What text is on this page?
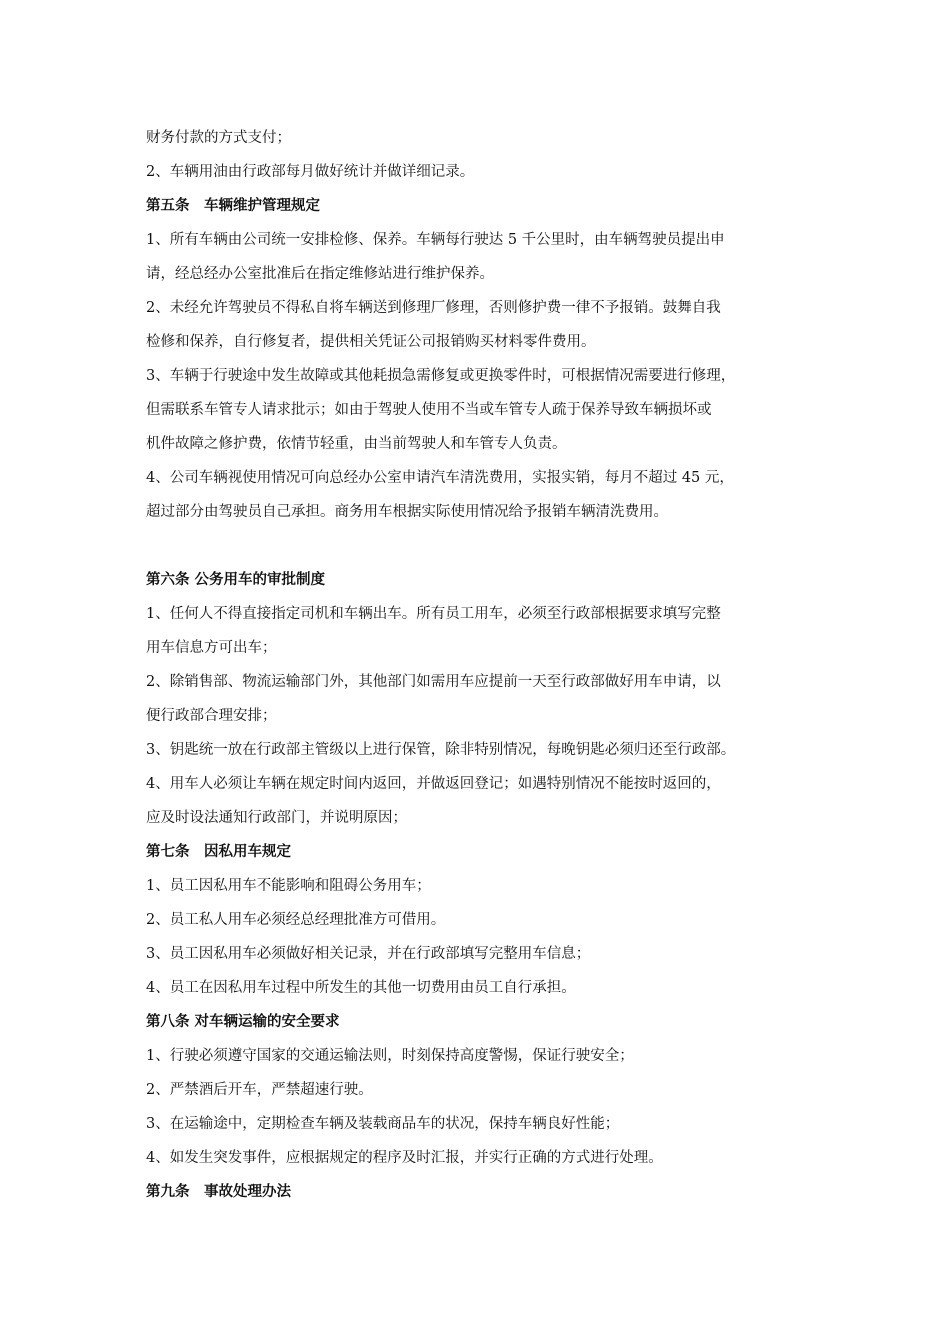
财务付款的方式支付；
2、车辆用油由行政部每月做好统计并做详细记录。
第五条　车辆维护管理规定
1、所有车辆由公司统一安排检修、保养。车辆每行驶达 5 千公里时，由车辆驾驶员提出申
请，经总经办公室批准后在指定维修站进行维护保养。
2、未经允许驾驶员不得私自将车辆送到修理厂修理，否则修护费一律不予报销。鼓舞自我
检修和保养，自行修复者，提供相关凭证公司报销购买材料零件费用。
3、车辆于行驶途中发生故障或其他耗损急需修复或更换零件时，可根据情况需要进行修理，
但需联系车管专人请求批示；如由于驾驶人使用不当或车管专人疏于保养导致车辆损坏或
机件故障之修护费，依情节轻重，由当前驾驶人和车管专人负责。
4、公司车辆视使用情况可向总经办公室申请汽车清洗费用，实报实销，每月不超过 45 元，
超过部分由驾驶员自己承担。商务用车根据实际使用情况给予报销车辆清洗费用。
第六条 公务用车的审批制度
1、任何人不得直接指定司机和车辆出车。所有员工用车，必须至行政部根据要求填写完整
用车信息方可出车；
2、除销售部、物流运输部门外，其他部门如需用车应提前一天至行政部做好用车申请，以
便行政部合理安排；
3、钥匙统一放在行政部主管级以上进行保管，除非特别情况，每晚钥匙必须归还至行政部。
4、用车人必须让车辆在规定时间内返回，并做返回登记；如遇特别情况不能按时返回的，
应及时设法通知行政部门，并说明原因；
第七条　因私用车规定
1、员工因私用车不能影响和阻碍公务用车；
2、员工私人用车必须经总经理批准方可借用。
3、员工因私用车必须做好相关记录，并在行政部填写完整用车信息；
4、员工在因私用车过程中所发生的其他一切费用由员工自行承担。
第八条 对车辆运输的安全要求
1、行驶必须遵守国家的交通运输法则，时刻保持高度警惕，保证行驶安全；
2、严禁酒后开车，严禁超速行驶。
3、在运输途中，定期检查车辆及装载商品车的状况，保持车辆良好性能；
4、如发生突发事件，应根据规定的程序及时汇报，并实行正确的方式进行处理。
第九条　事故处理办法
